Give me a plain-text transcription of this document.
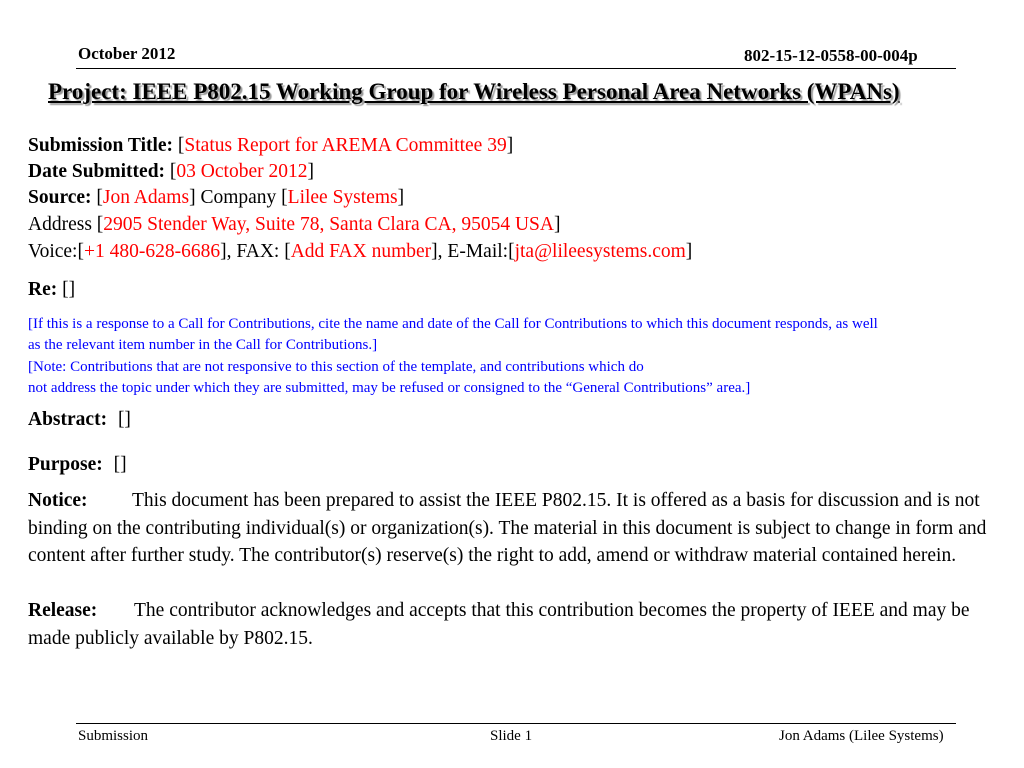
October 2012	802-15-12-0558-00-004p
Project: IEEE P802.15 Working Group for Wireless Personal Area Networks (WPANs)
Submission Title: [Status Report for AREMA Committee 39]
Date Submitted: [03 October 2012]
Source: [Jon Adams] Company [Lilee Systems]
Address [2905 Stender Way, Suite 78, Santa Clara CA, 95054 USA]
Voice:[+1 480-628-6686], FAX: [Add FAX number], E-Mail:[jta@lileesystems.com]
Re: []
[If this is a response to a Call for Contributions, cite the name and date of the Call for Contributions to which this document responds, as well
as the relevant item number in the Call for Contributions.]
[Note: Contributions that are not responsive to this section of the template, and contributions which do
not address the topic under which they are submitted, may be refused or consigned to the “General Contributions” area.]
Abstract: []
Purpose: []
Notice: This document has been prepared to assist the IEEE P802.15. It is offered as a basis for discussion and is not binding on the contributing individual(s) or organization(s). The material in this document is subject to change in form and content after further study. The contributor(s) reserve(s) the right to add, amend or withdraw material contained herein.
Release: The contributor acknowledges and accepts that this contribution becomes the property of IEEE and may be made publicly available by P802.15.
Submission	Slide 1	Jon Adams (Lilee Systems)
